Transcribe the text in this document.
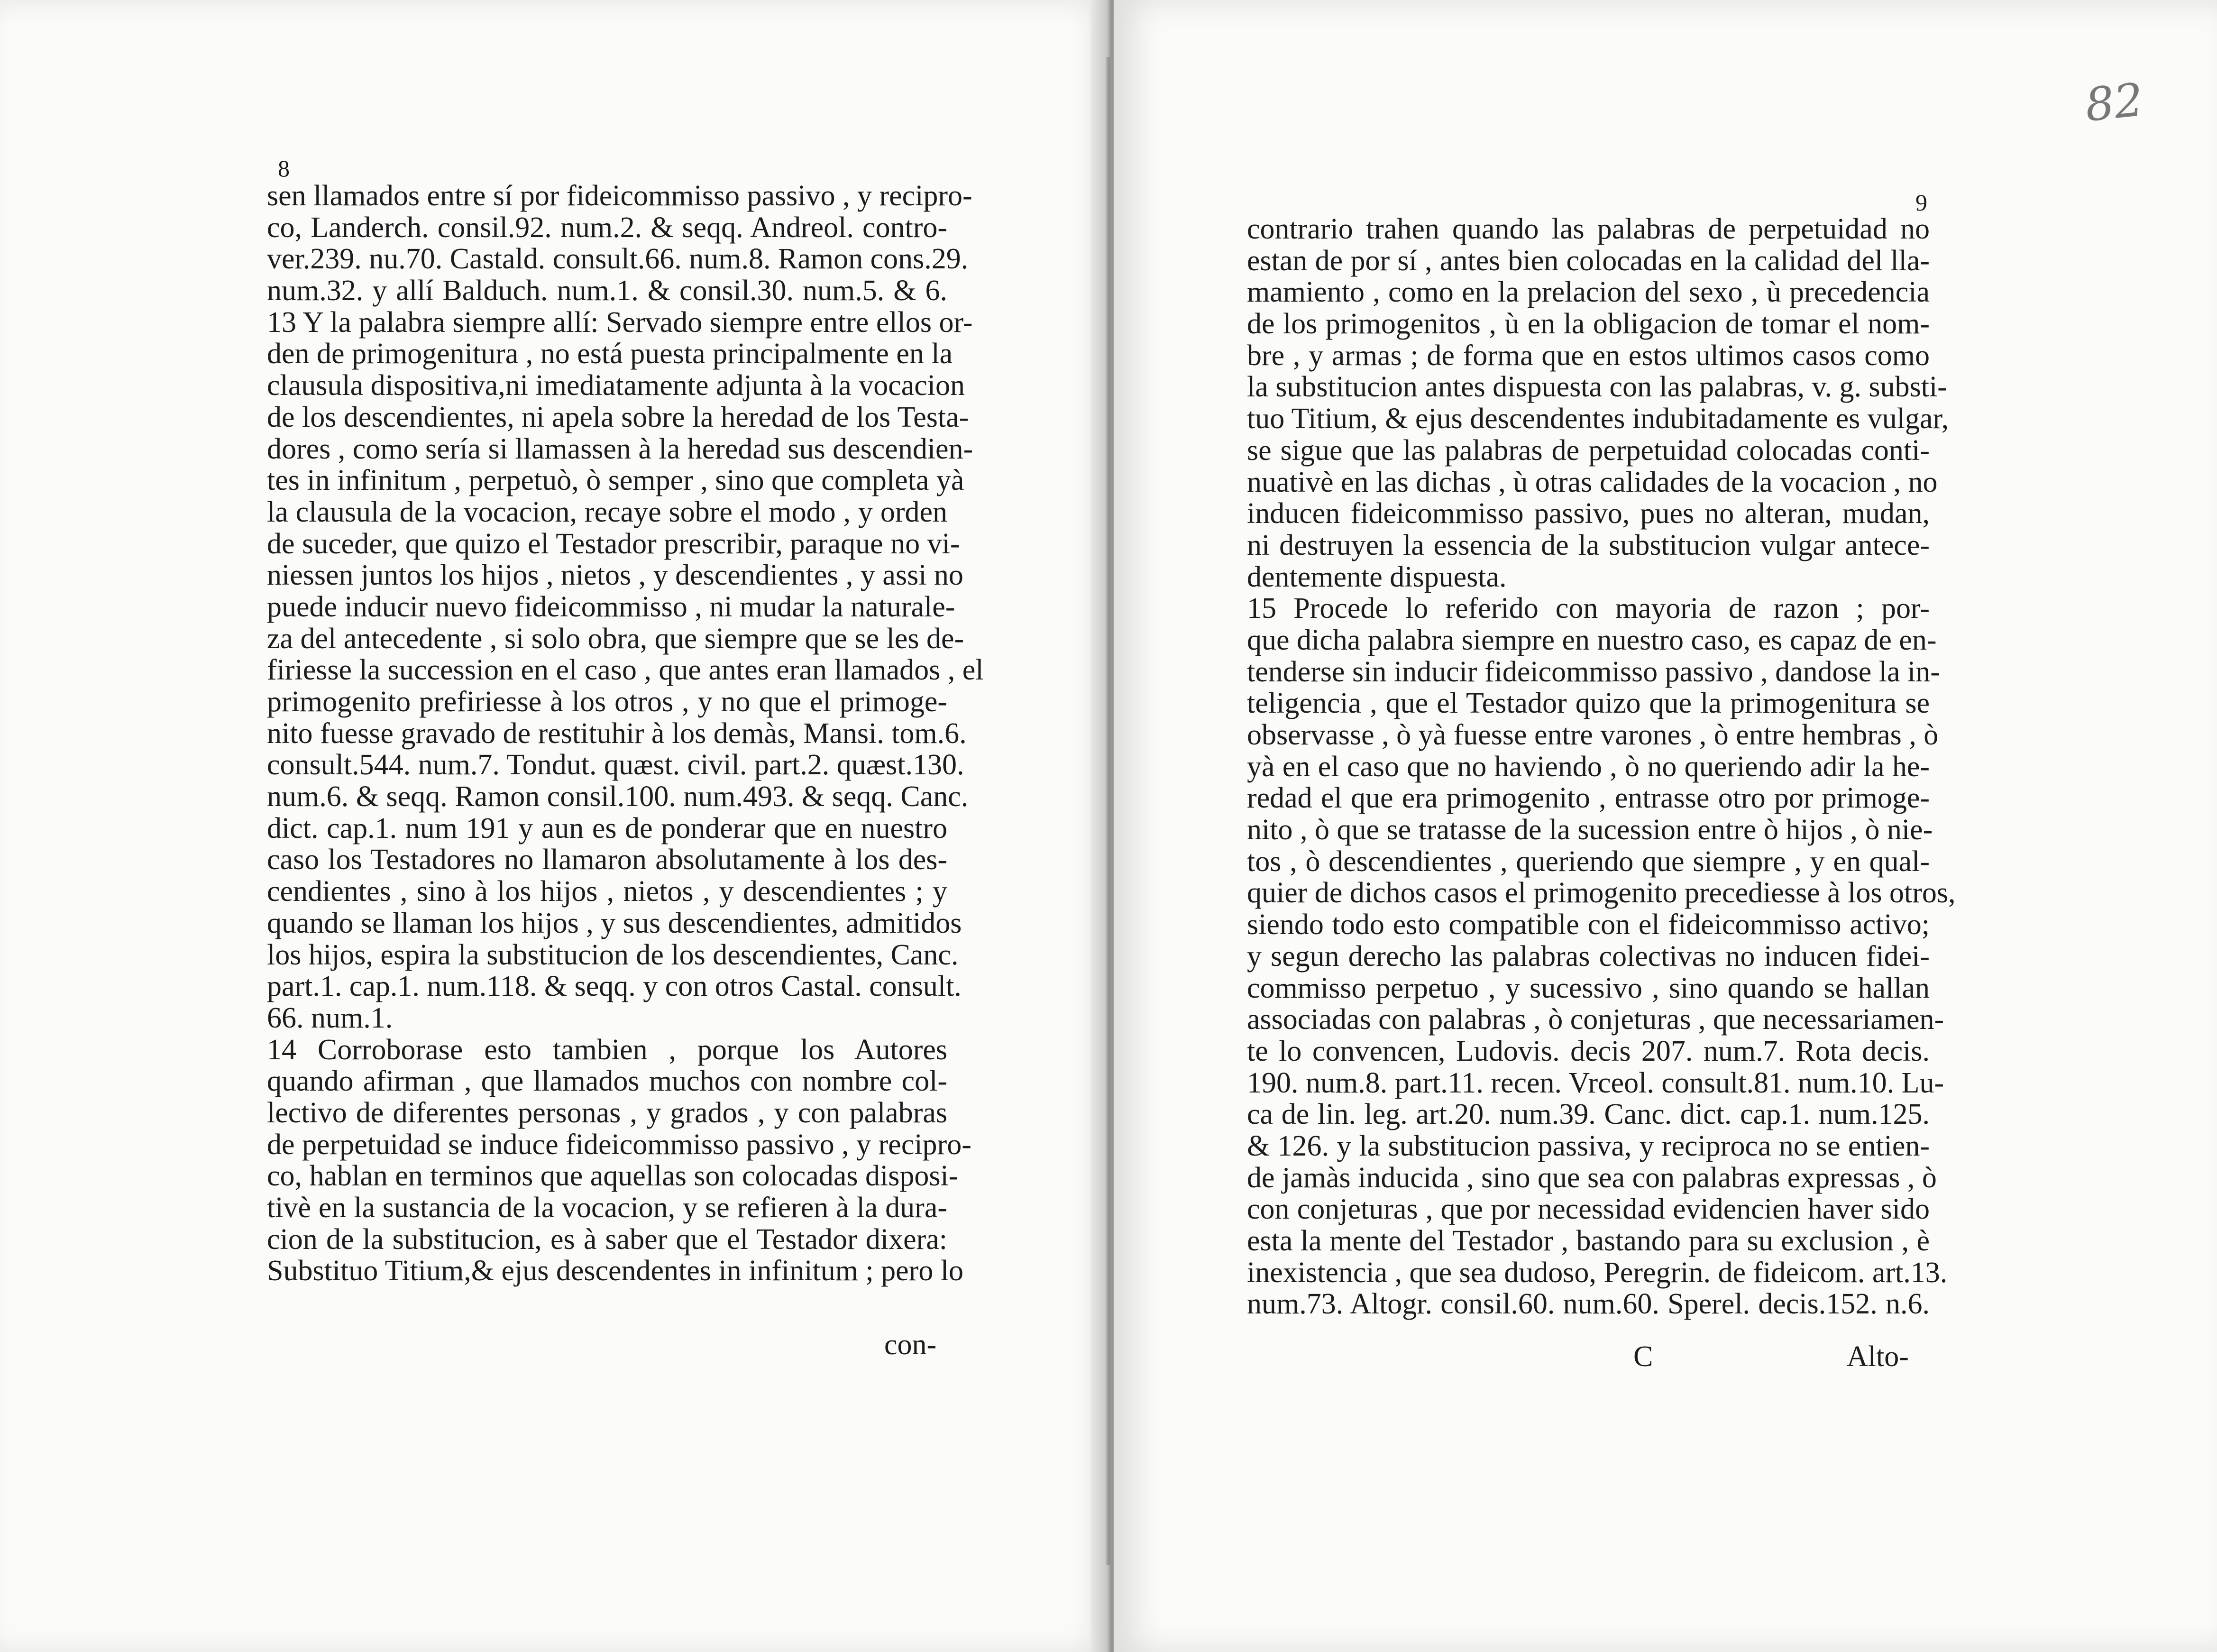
8
sen llamados entre sí por fideicommisso passivo , y recipro-
co, Landerch. consil.92. num.2. & seqq. Andreol. contro-
ver.239. nu.70. Castald. consult.66. num.8. Ramon cons.29.
num.32. y allí Balduch. num.1. & consil.30. num.5. & 6.
13 Y la palabra siempre allí: Servado siempre entre ellos or-
den de primogenitura , no está puesta principalmente en la
clausula dispositiva,ni imediatamente adjunta à la vocacion
de los descendientes, ni apela sobre la heredad de los Testa-
dores , como sería si llamassen à la heredad sus descendien-
tes in infinitum , perpetuò, ò semper , sino que completa yà
la clausula de la vocacion, recaye sobre el modo , y orden
de suceder, que quizo el Testador prescribir, paraque no vi-
niessen juntos los hijos , nietos , y descendientes , y assi no
puede inducir nuevo fideicommisso , ni mudar la naturale-
za del antecedente , si solo obra, que siempre que se les de-
firiesse la succession en el caso , que antes eran llamados , el
primogenito prefiriesse à los otros , y no que el primoge-
nito fuesse gravado de restituhir à los demàs, Mansi. tom.6.
consult.544. num.7. Tondut. quæst. civil. part.2. quæst.130.
num.6. & seqq. Ramon consil.100. num.493. & seqq. Canc.
dict. cap.1. num 191 y aun es de ponderar que en nuestro
caso los Testadores no llamaron absolutamente à los des-
cendientes , sino à los hijos , nietos , y descendientes ; y
quando se llaman los hijos , y sus descendientes, admitidos
los hijos, espira la substitucion de los descendientes, Canc.
part.1. cap.1. num.118. & seqq. y con otros Castal. consult.
66. num.1.
14 Corroborase esto tambien , porque los Autores
quando afirman , que llamados muchos con nombre col-
lectivo de diferentes personas , y grados , y con palabras
de perpetuidad se induce fideicommisso passivo , y recipro-
co, hablan en terminos que aquellas son colocadas disposi-
tivè en la sustancia de la vocacion, y se refieren à la dura-
cion de la substitucion, es à saber que el Testador dixera:
Substituo Titium,& ejus descendentes in infinitum ; pero lo
con-
9
contrario trahen quando las palabras de perpetuidad no
estan de por sí , antes bien colocadas en la calidad del lla-
mamiento , como en la prelacion del sexo , ù precedencia
de los primogenitos , ù en la obligacion de tomar el nom-
bre , y armas ; de forma que en estos ultimos casos como
la substitucion antes dispuesta con las palabras, v. g. substi-
tuo Titium, & ejus descendentes indubitadamente es vulgar,
se sigue que las palabras de perpetuidad colocadas conti-
nuativè en las dichas , ù otras calidades de la vocacion , no
inducen fideicommisso passivo, pues no alteran, mudan,
ni destruyen la essencia de la substitucion vulgar antece-
dentemente dispuesta.
15 Procede lo referido con mayoria de razon ; por-
que dicha palabra siempre en nuestro caso, es capaz de en-
tenderse sin inducir fideicommisso passivo , dandose la in-
teligencia , que el Testador quizo que la primogenitura se
observasse , ò yà fuesse entre varones , ò entre hembras , ò
yà en el caso que no haviendo , ò no queriendo adir la he-
redad el que era primogenito , entrasse otro por primoge-
nito , ò que se tratasse de la sucession entre ò hijos , ò nie-
tos , ò descendientes , queriendo que siempre , y en qual-
quier de dichos casos el primogenito precediesse à los otros,
siendo todo esto compatible con el fideicommisso activo;
y segun derecho las palabras colectivas no inducen fidei-
commisso perpetuo , y sucessivo , sino quando se hallan
associadas con palabras , ò conjeturas , que necessariamen-
te lo convencen, Ludovis. decis 207. num.7. Rota decis.
190. num.8. part.11. recen. Vrceol. consult.81. num.10. Lu-
ca de lin. leg. art.20. num.39. Canc. dict. cap.1. num.125.
& 126. y la substitucion passiva, y reciproca no se entien-
de jamàs inducida , sino que sea con palabras expressas , ò
con conjeturas , que por necessidad evidencien haver sido
esta la mente del Testador , bastando para su exclusion , è
inexistencia , que sea dudoso, Peregrin. de fideicom. art.13.
num.73. Altogr. consil.60. num.60. Sperel. decis.152. n.6.
C	Alto-
82
